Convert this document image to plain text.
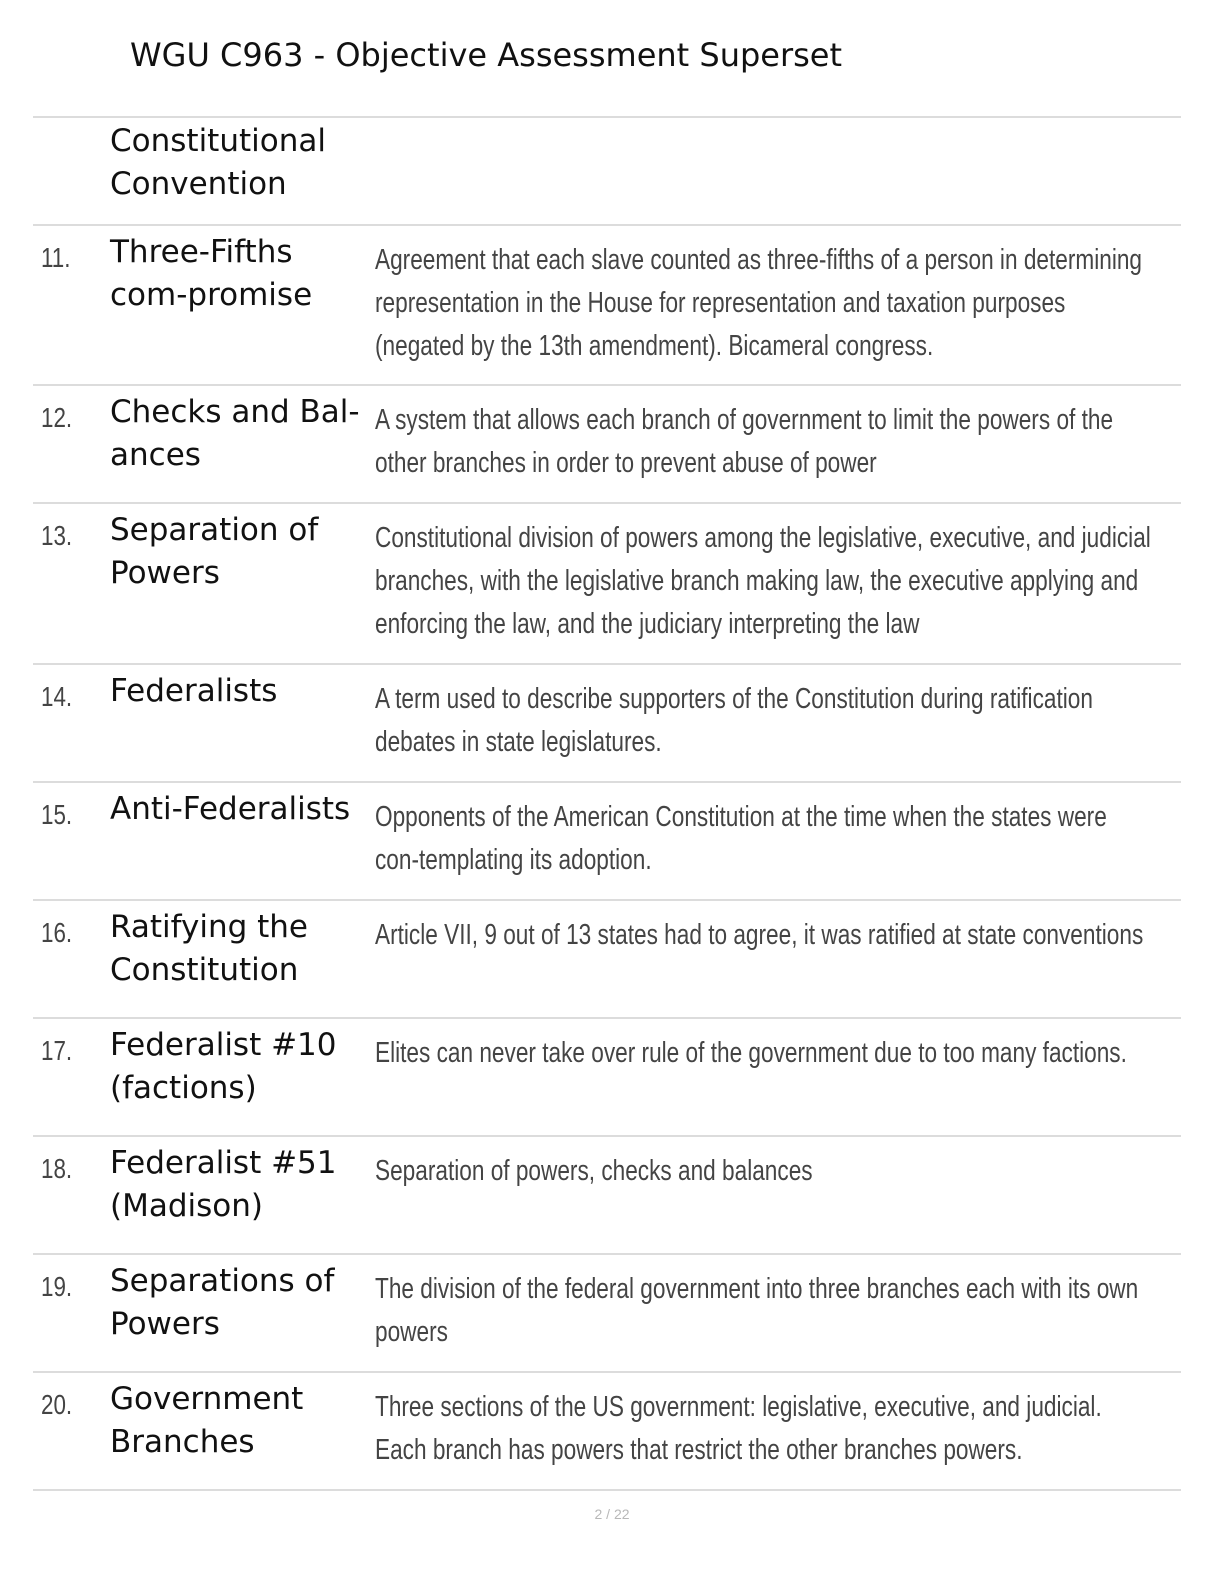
WGU C963 - Objective Assessment Superset
Constitutional Convention
11. Three-Fifths com-promise
Agreement that each slave counted as three-fifths of a person in determining representation in the House for representation and taxation purposes (negated by the 13th amendment). Bicameral congress.
12. Checks and Bal-ances
A system that allows each branch of government to limit the powers of the other branches in order to prevent abuse of power
13. Separation of Powers
Constitutional division of powers among the legislative, executive, and judicial branches, with the legislative branch making law, the executive applying and enforcing the law, and the judiciary interpreting the law
14. Federalists	A term used to describe supporters of the Constitution during ratification debates in state legislatures.
15. Anti-Federalists Opponents of the American Constitution at the time when the states were con-templating its adoption.
16. Ratifying the Constitution
Article VII, 9 out of 13 states had to agree, it was ratified at state conventions
17. Federalist #10 (factions)
Elites can never take over rule of the government due to too many factions.
18. Federalist #51 (Madison)
Separation of powers, checks and balances
19. Separations of Powers
The division of the federal government into three branches each with its own powers
20. Government Branches
Three sections of the US government: legislative, executive, and judicial. Each branch has powers that restrict the other branches powers.
2 / 22
